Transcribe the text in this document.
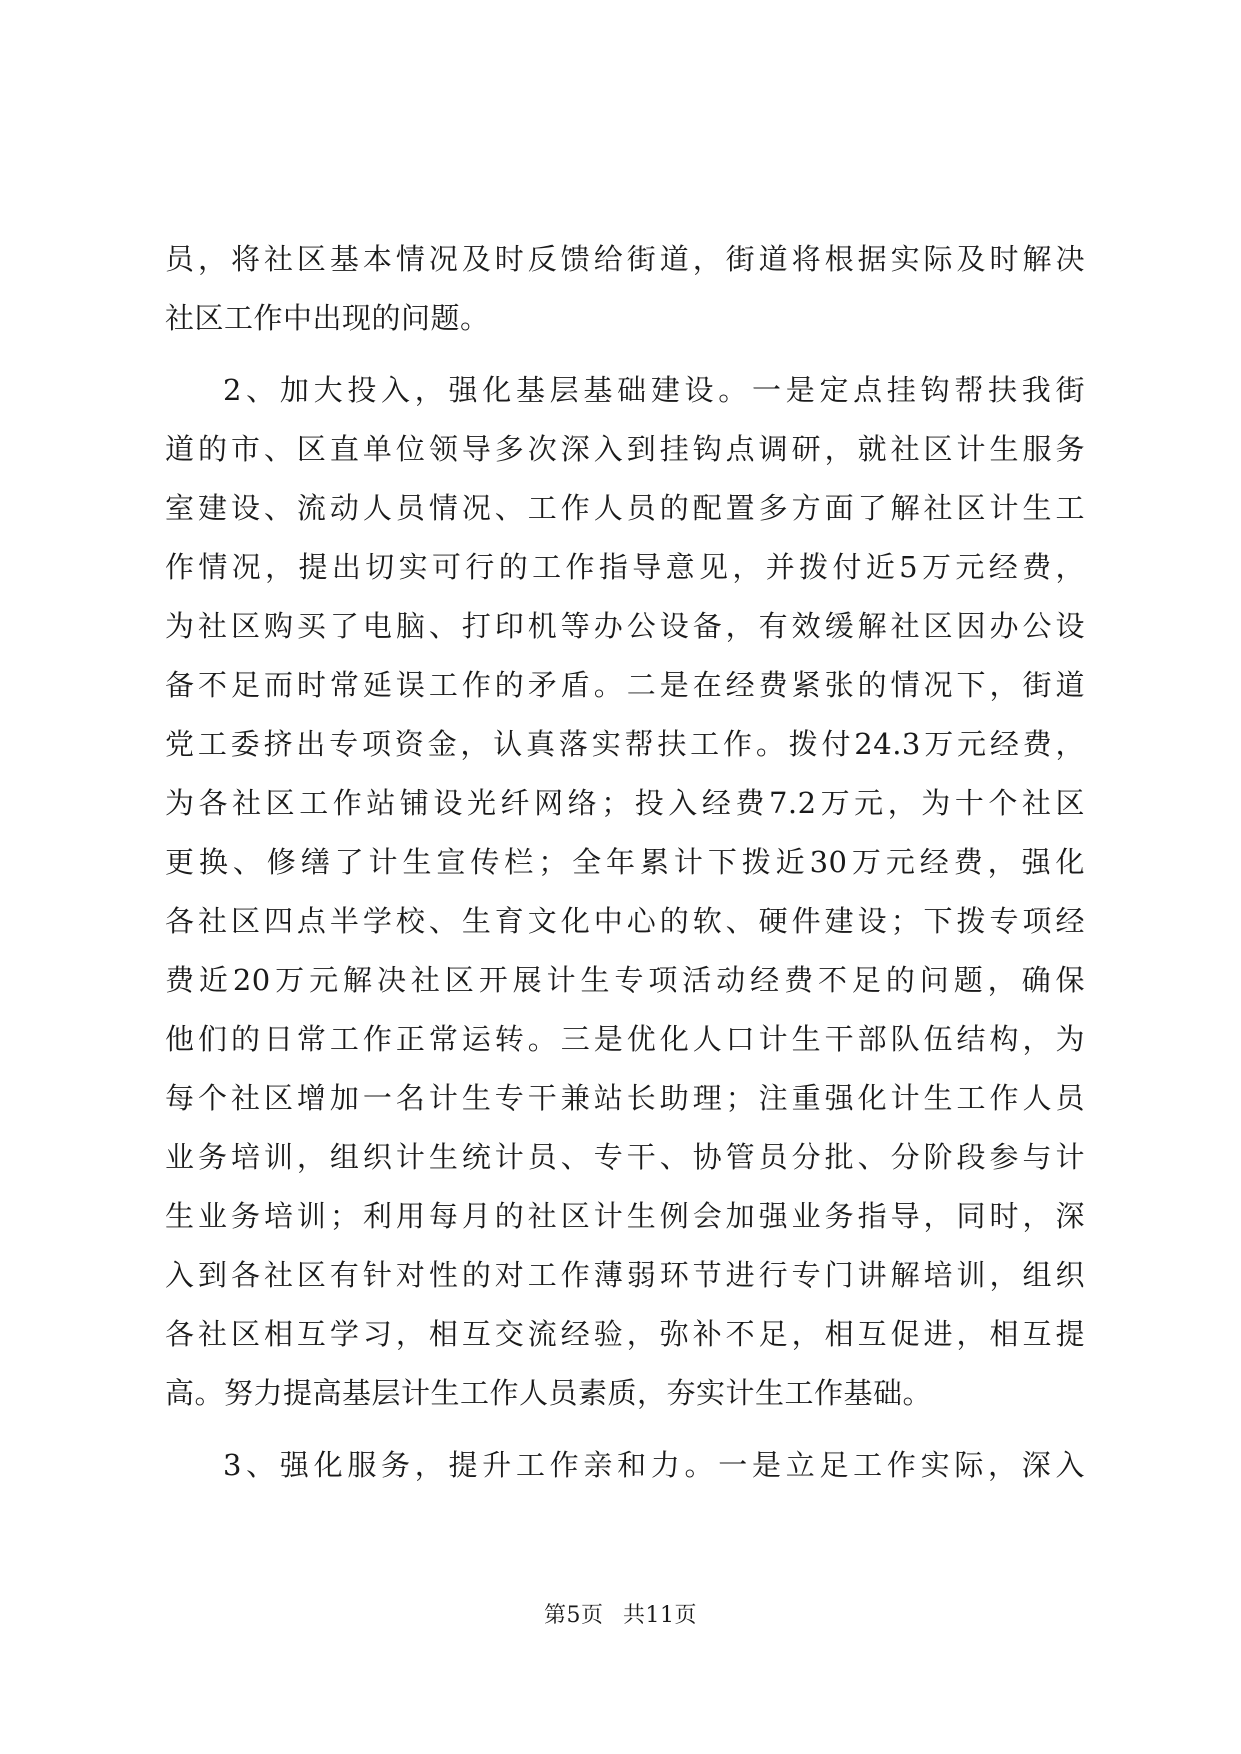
员，将社区基本情况及时反馈给街道，街道将根据实际及时解决
社区工作中出现的问题。
2、加大投入，强化基层基础建设。一是定点挂钩帮扶我街
道的市、区直单位领导多次深入到挂钩点调研，就社区计生服务
室建设、流动人员情况、工作人员的配置多方面了解社区计生工
作情况，提出切实可行的工作指导意见，并拨付近5万元经费，
为社区购买了电脑、打印机等办公设备，有效缓解社区因办公设
备不足而时常延误工作的矛盾。二是在经费紧张的情况下，街道
党工委挤出专项资金，认真落实帮扶工作。拨付24.3万元经费，
为各社区工作站铺设光纤网络；投入经费7.2万元，为十个社区
更换、修缮了计生宣传栏；全年累计下拨近30万元经费，强化
各社区四点半学校、生育文化中心的软、硬件建设；下拨专项经
费近20万元解决社区开展计生专项活动经费不足的问题，确保
他们的日常工作正常运转。三是优化人口计生干部队伍结构，为
每个社区增加一名计生专干兼站长助理；注重强化计生工作人员
业务培训，组织计生统计员、专干、协管员分批、分阶段参与计
生业务培训；利用每月的社区计生例会加强业务指导，同时，深
入到各社区有针对性的对工作薄弱环节进行专门讲解培训，组织
各社区相互学习，相互交流经验，弥补不足，相互促进，相互提
高。努力提高基层计生工作人员素质，夯实计生工作基础。
3、强化服务，提升工作亲和力。一是立足工作实际，深入
第5页 共11页
